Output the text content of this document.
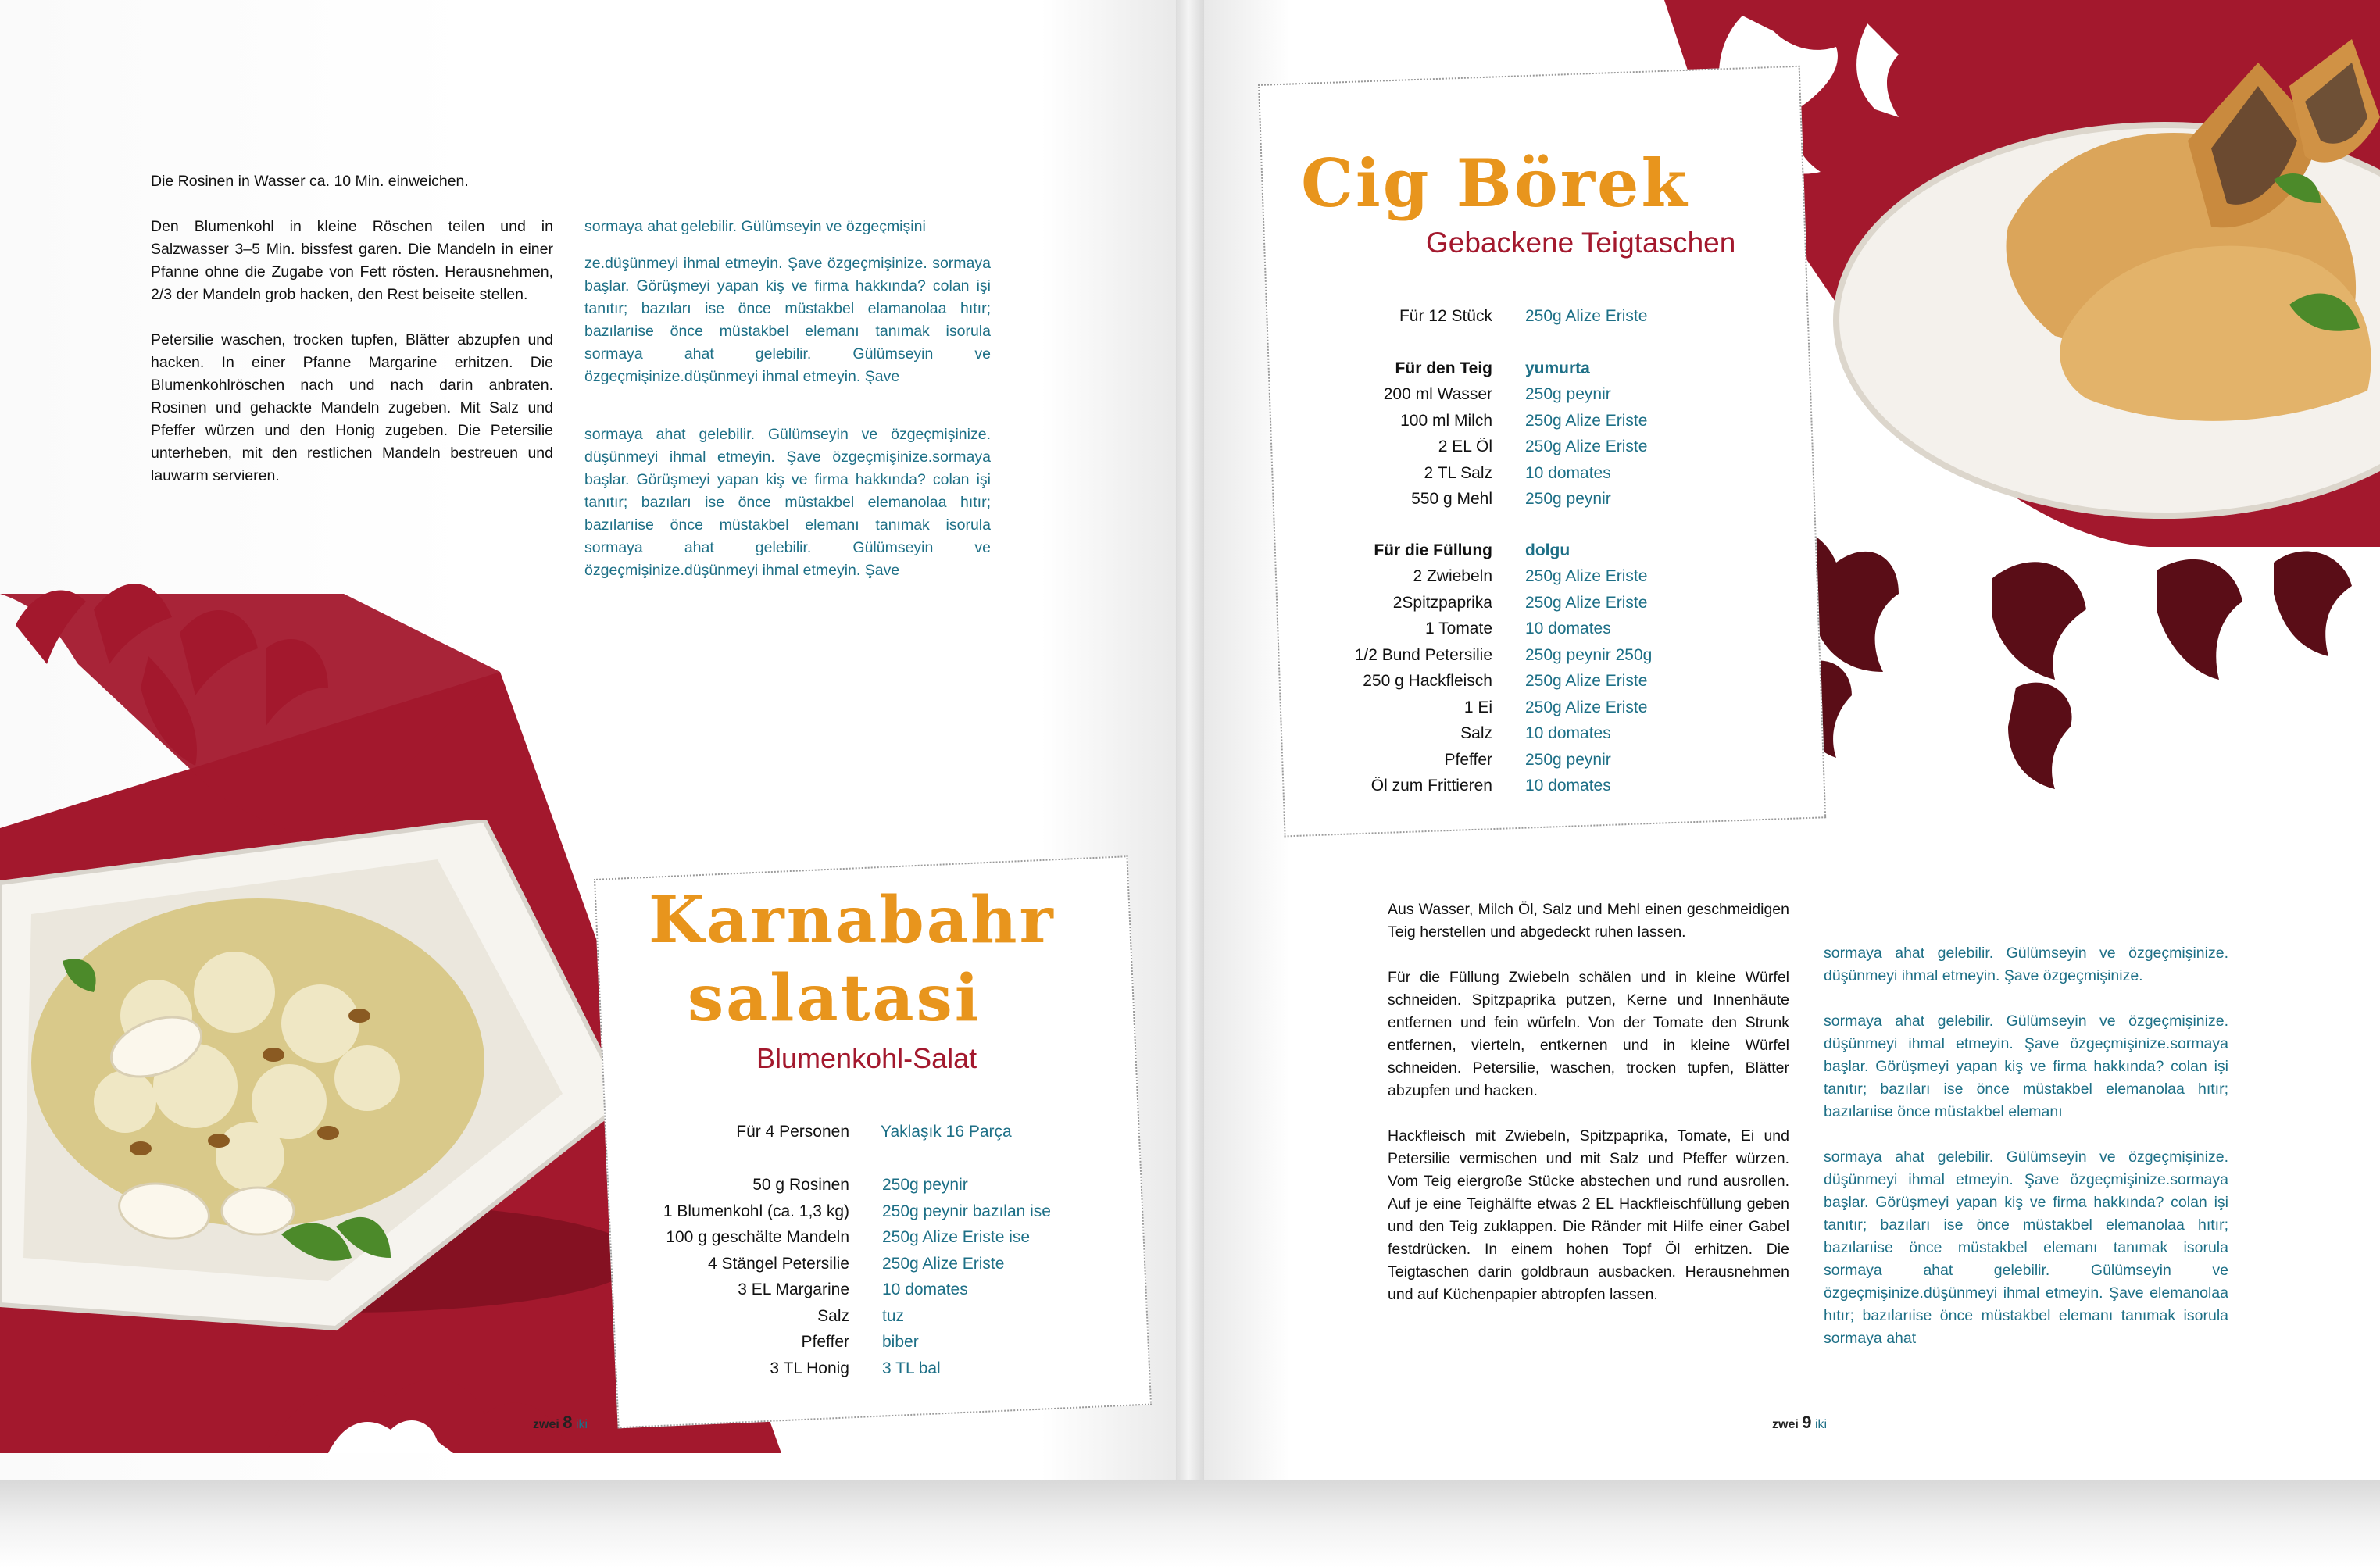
Die Rosinen in Wasser ca. 10 Min. einweichen.

Den Blumenkohl in kleine Röschen teilen und in Salzwasser 3–5 Min. bissfest garen. Die Mandeln in einer Pfanne ohne die Zugabe von Fett rösten. Herausnehmen, 2/3 der Mandeln grob hacken, den Rest beiseite stellen.

Petersilie waschen, trocken tupfen, Blätter abzupfen und hacken. In einer Pfanne Margarine erhitzen. Die Blumenkohlröschen nach und nach darin anbraten. Rosinen und gehackte Mandeln zugeben. Mit Salz und Pfeffer würzen und den Honig zugeben. Die Petersilie unterheben, mit den restlichen Mandeln bestreuen und lauwarm servieren.

sormaya ahat gelebilir. Gülümseyin ve özgeçmişini

ze.düşünmeyi ihmal etmeyin. Şave özgeçmişinize. sormaya başlar. Görüşmeyi yapan kiş ve firma hakkında? colan işi tanıtır; bazıları ise önce müstakbel elamanolaa hıtır; bazılarıise önce müstakbel elemanı tanımak isorula sormaya ahat gelebilir. Gülümseyin ve özgeçmişinize.düşünmeyi ihmal etmeyin. Şave

sormaya ahat gelebilir. Gülümseyin ve özgeçmişinize. düşünmeyi ihmal etmeyin. Şave özgeçmişinize.sormaya başlar. Görüşmeyi yapan kiş ve firma hakkında? colan işi tanıtır; bazıları ise önce müstakbel elemanolaa hıtır; bazılarıise önce müstakbel elemanı tanımak isorula sormaya ahat gelebilir. Gülümseyin ve özgeçmişinize.düşünmeyi ihmal etmeyin. Şave

Karnabahr
salatasi
Blumenkohl-Salat
Für 4 Personen Yaklaşık 16 Parça
50 g Rosinen 250g peynir
1 Blumenkohl (ca. 1,3 kg) 250g peynir bazılan ise
100 g geschälte Mandeln 250g Alize Eriste ise
4 Stängel Petersilie 250g Alize Eriste
3 EL Margarine 10 domates
Salz tuz
Pfeffer biber
3 TL Honig 3 TL bal
zwei 8 iki
Cig Börek
Gebackene Teigtaschen
Für 12 Stück 250g Alize Eriste
Für den Teig yumurta
200 ml Wasser 250g peynir
100 ml Milch 250g Alize Eriste
2 EL Öl 250g Alize Eriste
2 TL Salz 10 domates
550 g Mehl 250g peynir
Für die Füllung dolgu
2 Zwiebeln 250g Alize Eriste
2Spitzpaprika 250g Alize Eriste
1 Tomate 10 domates
1/2 Bund Petersilie 250g peynir 250g
250 g Hackfleisch 250g Alize Eriste
1 Ei 250g Alize Eriste
Salz 10 domates
Pfeffer 250g peynir
Öl zum Frittieren 10 domates

Aus Wasser, Milch Öl, Salz und Mehl einen geschmeidigen Teig herstellen und abgedeckt ruhen lassen.

Für die Füllung Zwiebeln schälen und in kleine Würfel schneiden. Spitzpaprika putzen, Kerne und Innenhäute entfernen und fein würfeln. Von der Tomate den Strunk entfernen, vierteln, entkernen und in kleine Würfel schneiden. Petersilie, waschen, trocken tupfen, Blätter abzupfen und hacken.

Hackfleisch mit Zwiebeln, Spitzpaprika, Tomate, Ei und Petersilie vermischen und mit Salz und Pfeffer würzen. Vom Teig eiergroße Stücke abstechen und rund ausrollen. Auf je eine Teighälfte etwas 2 EL Hackfleischfüllung geben und den Teig zuklappen. Die Ränder mit Hilfe einer Gabel festdrücken. In einem hohen Topf Öl erhitzen. Die Teigtaschen darin goldbraun ausbacken. Herausnehmen und auf Küchenpapier abtropfen lassen.

sormaya ahat gelebilir. Gülümseyin ve özgeçmişinize. düşünmeyi ihmal etmeyin. Şave özgeçmişinize.

sormaya ahat gelebilir. Gülümseyin ve özgeçmişinize. düşünmeyi ihmal etmeyin. Şave özgeçmişinize.sormaya başlar. Görüşmeyi yapan kiş ve firma hakkında? colan işi tanıtır; bazıları ise önce müstakbel elemanolaa hıtır; bazılarıise önce müstakbel elemanı

sormaya ahat gelebilir. Gülümseyin ve özgeçmişinize. düşünmeyi ihmal etmeyin. Şave özgeçmişinize.sormaya başlar. Görüşmeyi yapan kiş ve firma hakkında? colan işi tanıtır; bazıları ise önce müstakbel elemanolaa hıtır; bazılarıise önce müstakbel elemanı tanımak isorula sormaya ahat gelebilir. Gülümseyin ve özgeçmişinize.düşünmeyi ihmal etmeyin. Şave elemanolaa hıtır; bazılarıise önce müstakbel elemanı tanımak isorula sormaya ahat

zwei 9 iki
